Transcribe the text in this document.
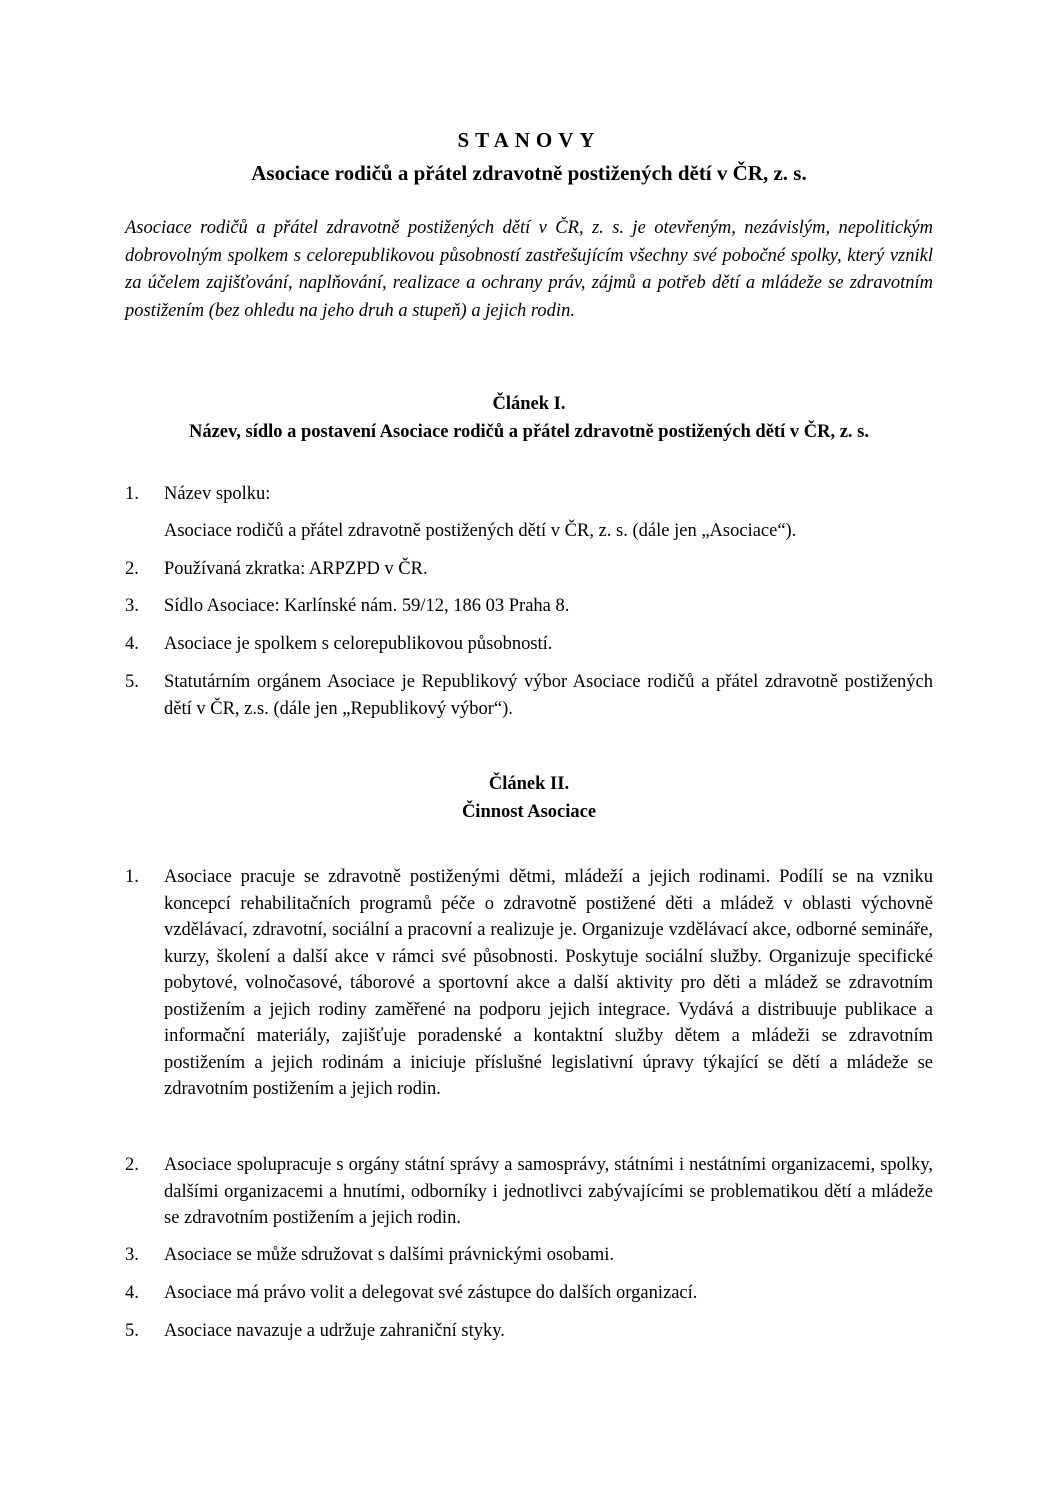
STANOVY
Asociace rodičů a přátel zdravotně postižených dětí v ČR, z. s.
Asociace rodičů a přátel zdravotně postižených dětí v ČR, z. s. je otevřeným, nezávislým, nepolitickým dobrovolným spolkem s celorepublikovou působností zastřešujícím všechny své pobočné spolky, který vznikl za účelem zajišťování, naplňování, realizace a ochrany práv, zájmů a potřeb dětí a mládeže se zdravotním postižením (bez ohledu na jeho druh a stupeň) a jejich rodin.
Článek I.
Název, sídlo a postavení Asociace rodičů a přátel zdravotně postižených dětí v ČR, z. s.
1. Název spolku:
Asociace rodičů a přátel zdravotně postižených dětí v ČR, z. s. (dále jen „Asociace“).
2. Používaná zkratka: ARPZPD v ČR.
3. Sídlo Asociace: Karlínské nám. 59/12, 186 03 Praha 8.
4. Asociace je spolkem s celorepublikovou působností.
5. Statutárním orgánem Asociace je Republikový výbor Asociace rodičů a přátel zdravotně postižených dětí v ČR, z.s. (dále jen „Republikový výbor“).
Článek II.
Činnost Asociace
1. Asociace pracuje se zdravotně postiženými dětmi, mládeží a jejich rodinami. Podílí se na vzniku koncepcí rehabilitačních programů péče o zdravotně postižené děti a mládež v oblasti výchovně vzdělávací, zdravotní, sociální a pracovní a realizuje je. Organizuje vzdělávací akce, odborné semináře, kurzy, školení a další akce v rámci své působnosti. Poskytuje sociální služby. Organizuje specifické pobytové, volnočasové, táborové a sportovní akce a další aktivity pro děti a mládež se zdravotním postižením a jejich rodiny zaměřené na podporu jejich integrace. Vydává a distribuuje publikace a informační materiály, zajišťuje poradenské a kontaktní služby dětem a mládeži se zdravotním postižením a jejich rodinám a iniciuje příslušné legislativní úpravy týkající se dětí a mládeže se zdravotním postižením a jejich rodin.
2. Asociace spolupracuje s orgány státní správy a samosprávy, státními i nestátními organizacemi, spolky, dalšími organizacemi a hnutími, odborníky i jednotlivci zabývajícími se problematikou dětí a mládeže se zdravotním postižením a jejich rodin.
3. Asociace se může sdružovat s dalšími právnickými osobami.
4. Asociace má právo volit a delegovat své zástupce do dalších organizací.
5. Asociace navazuje a udržuje zahraniční styky.
